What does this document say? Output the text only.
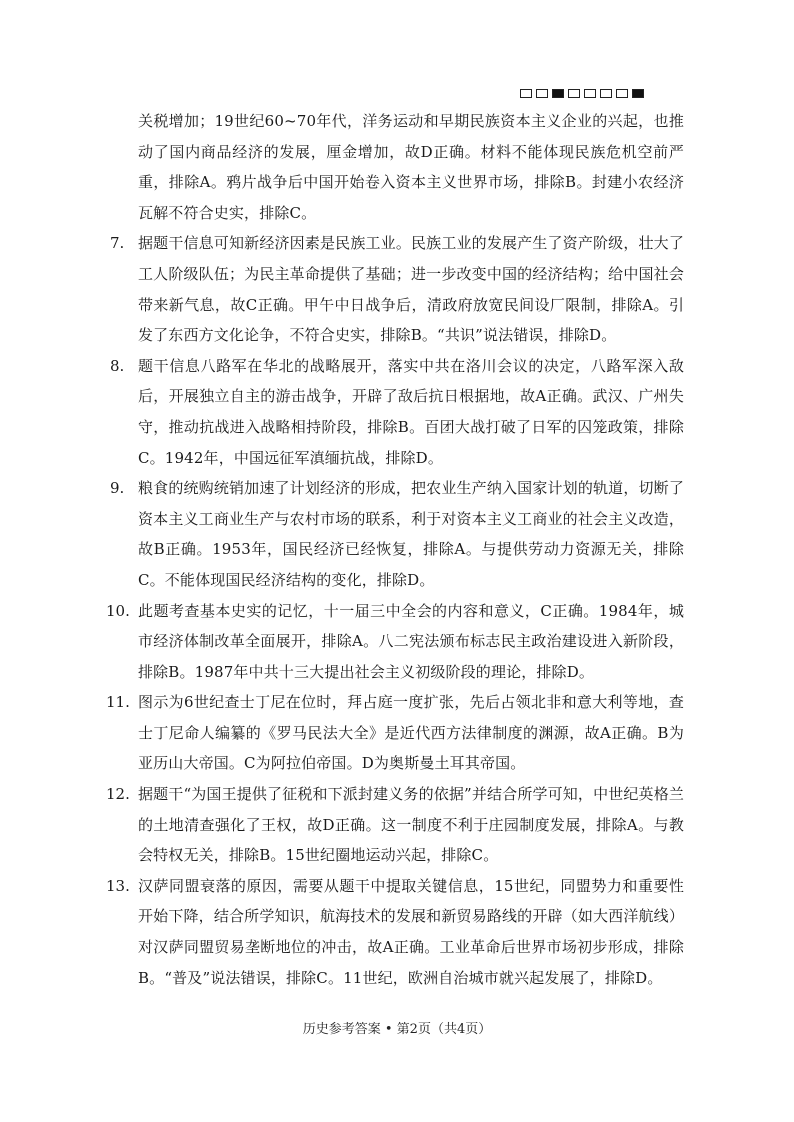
关税增加；19世纪60~70年代，洋务运动和早期民族资本主义企业的兴起，也推动了国内商品经济的发展，厘金增加，故D正确。材料不能体现民族危机空前严重，排除A。鸦片战争后中国开始卷入资本主义世界市场，排除B。封建小农经济瓦解不符合史实，排除C。

7. 据题干信息可知新经济因素是民族工业。民族工业的发展产生了资产阶级，壮大了工人阶级队伍；为民主革命提供了基础；进一步改变中国的经济结构；给中国社会带来新气息，故C正确。甲午中日战争后，清政府放宽民间设厂限制，排除A。引发了东西方文化论争，不符合史实，排除B。“共识”说法错误，排除D。

8. 题干信息八路军在华北的战略展开，落实中共在洛川会议的决定，八路军深入敌后，开展独立自主的游击战争，开辟了敌后抗日根据地，故A正确。武汉、广州失守，推动抗战进入战略相持阶段，排除B。百团大战打破了日军的囚笼政策，排除C。1942年，中国远征军滇缅抗战，排除D。

9. 粮食的统购统销加速了计划经济的形成，把农业生产纳入国家计划的轨道，切断了资本主义工商业生产与农村市场的联系，利于对资本主义工商业的社会主义改造，故B正确。1953年，国民经济已经恢复，排除A。与提供劳动力资源无关，排除C。不能体现国民经济结构的变化，排除D。

10. 此题考查基本史实的记忆，十一届三中全会的内容和意义，C正确。1984年，城市经济体制改革全面展开，排除A。八二宪法颁布标志民主政治建设进入新阶段，排除B。1987年中共十三大提出社会主义初级阶段的理论，排除D。

11. 图示为6世纪查士丁尼在位时，拜占庭一度扩张，先后占领北非和意大利等地，查士丁尼命人编纂的《罗马民法大全》是近代西方法律制度的渊源，故A正确。B为亚历山大帝国。C为阿拉伯帝国。D为奥斯曼土耳其帝国。

12. 据题干“为国王提供了征税和下派封建义务的依据”并结合所学可知，中世纪英格兰的土地清查强化了王权，故D正确。这一制度不利于庄园制度发展，排除A。与教会特权无关，排除B。15世纪圈地运动兴起，排除C。

13. 汉萨同盟衰落的原因，需要从题干中提取关键信息，15世纪，同盟势力和重要性开始下降，结合所学知识，航海技术的发展和新贸易路线的开辟（如大西洋航线）对汉萨同盟贸易垄断地位的冲击，故A正确。工业革命后世界市场初步形成，排除B。“普及”说法错误，排除C。11世纪，欧洲自治城市就兴起发展了，排除D。

历史参考答案 • 第2页（共4页）
